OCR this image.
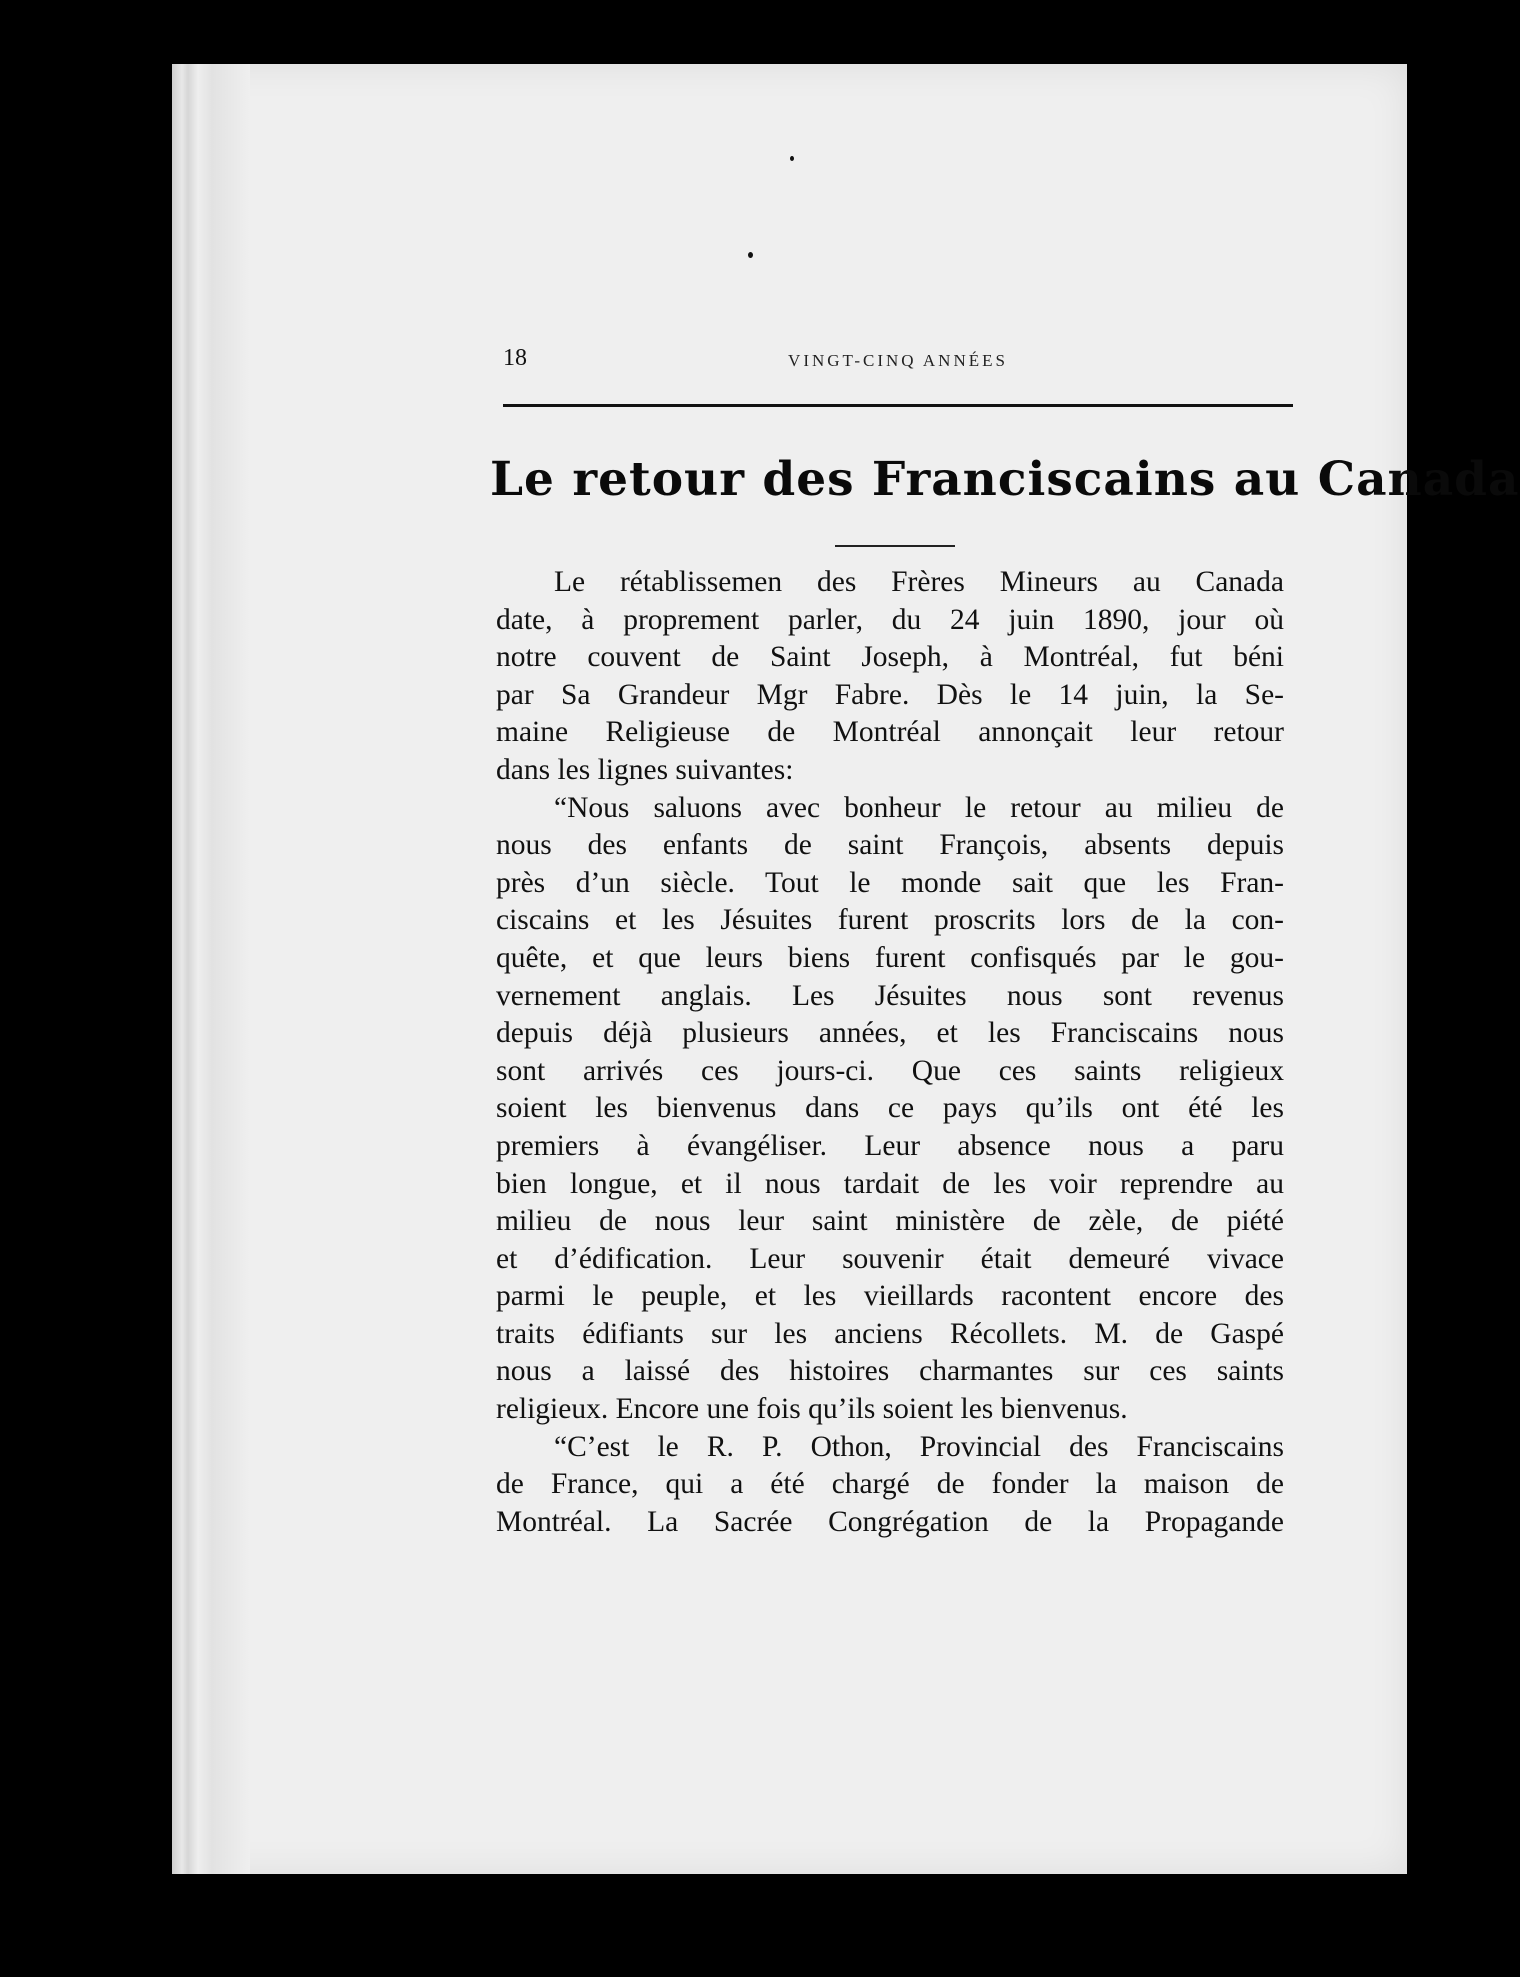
18	VINGT-CINQ ANNÉES
Le retour des Franciscains au Canada
Le rétablissemen des Frères Mineurs au Canada
date, à proprement parler, du 24 juin 1890, jour où
notre couvent de Saint Joseph, à Montréal, fut béni
par Sa Grandeur Mgr Fabre. Dès le 14 juin, la Se-
maine Religieuse de Montréal annonçait leur retour
dans les lignes suivantes:
“Nous saluons avec bonheur le retour au milieu de
nous des enfants de saint François, absents depuis
près d’un siècle. Tout le monde sait que les Fran-
ciscains et les Jésuites furent proscrits lors de la con-
quête, et que leurs biens furent confisqués par le gou-
vernement anglais. Les Jésuites nous sont revenus
depuis déjà plusieurs années, et les Franciscains nous
sont arrivés ces jours-ci. Que ces saints religieux
soient les bienvenus dans ce pays qu’ils ont été les
premiers à évangéliser. Leur absence nous a paru
bien longue, et il nous tardait de les voir reprendre au
milieu de nous leur saint ministère de zèle, de piété
et d’édification. Leur souvenir était demeuré vivace
parmi le peuple, et les vieillards racontent encore des
traits édifiants sur les anciens Récollets. M. de Gaspé
nous a laissé des histoires charmantes sur ces saints
religieux. Encore une fois qu’ils soient les bienvenus.
“C’est le R. P. Othon, Provincial des Franciscains
de France, qui a été chargé de fonder la maison de
Montréal. La Sacrée Congrégation de la Propagande
